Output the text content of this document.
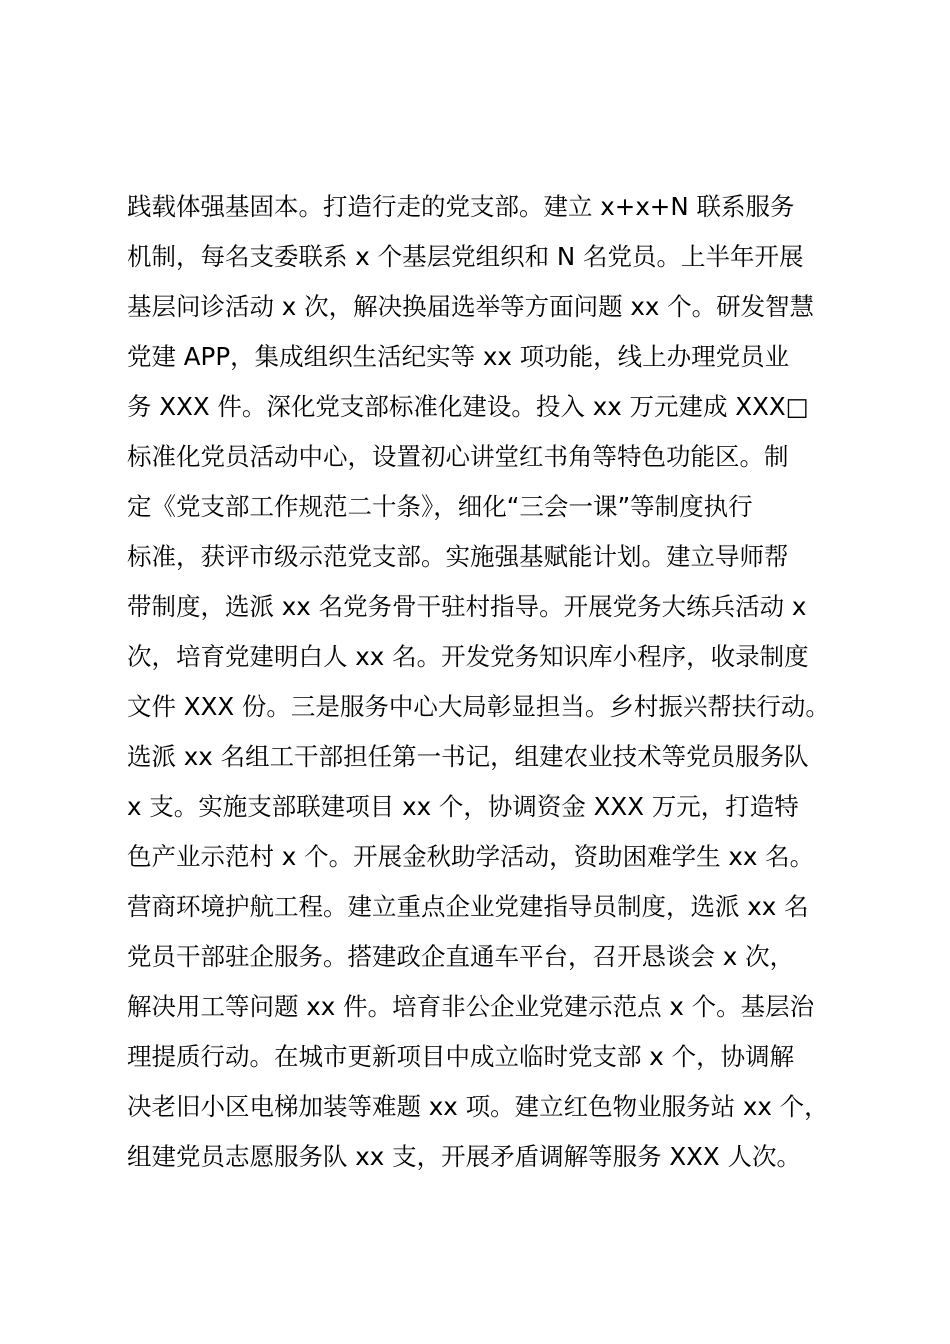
践载体强基固本。打造行走的党支部。建立 x+x+N 联系服务
机制，每名支委联系 x 个基层党组织和 N 名党员。上半年开展
基层问诊活动 x 次，解决换届选举等方面问题 xx 个。研发智慧
党建 APP，集成组织生活纪实等 xx 项功能，线上办理党员业
务 XXX 件。深化党支部标准化建设。投入 xx 万元建成 XXX□
标准化党员活动中心，设置初心讲堂红书角等特色功能区。制
定《党支部工作规范二十条》，细化“三会一课”等制度执行
标准，获评市级示范党支部。实施强基赋能计划。建立导师帮
带制度，选派 xx 名党务骨干驻村指导。开展党务大练兵活动 x
次，培育党建明白人 xx 名。开发党务知识库小程序，收录制度
文件 XXX 份。三是服务中心大局彰显担当。乡村振兴帮扶行动。
选派 xx 名组工干部担任第一书记，组建农业技术等党员服务队
x 支。实施支部联建项目 xx 个，协调资金 XXX 万元，打造特
色产业示范村 x 个。开展金秋助学活动，资助困难学生 xx 名。
营商环境护航工程。建立重点企业党建指导员制度，选派 xx 名
党员干部驻企服务。搭建政企直通车平台，召开恳谈会 x 次，
解决用工等问题 xx 件。培育非公企业党建示范点 x 个。基层治
理提质行动。在城市更新项目中成立临时党支部 x 个，协调解
决老旧小区电梯加装等难题 xx 项。建立红色物业服务站 xx 个，
组建党员志愿服务队 xx 支，开展矛盾调解等服务 XXX 人次。
